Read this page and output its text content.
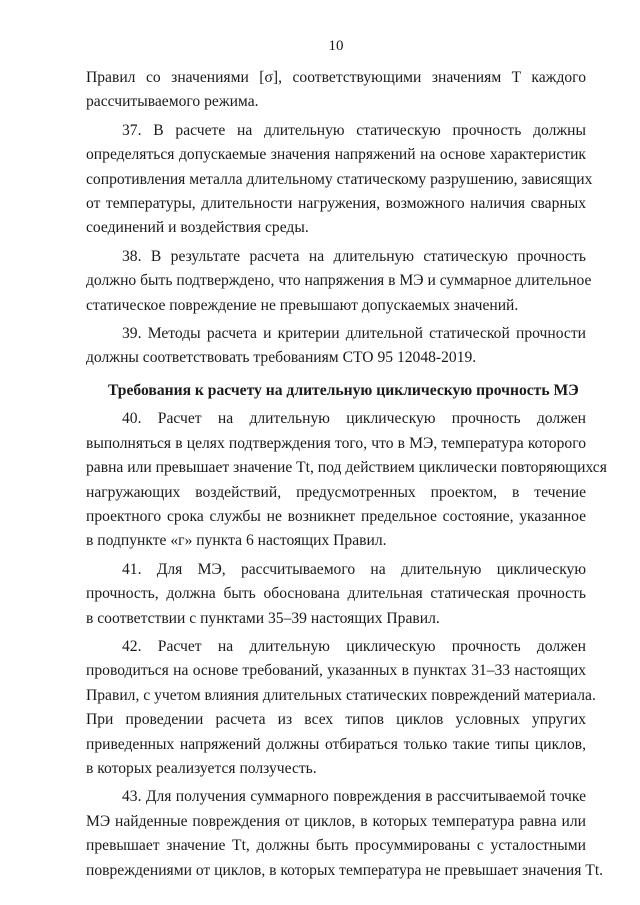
10
Правил со значениями [σ], соответствующими значениям T каждого
рассчитываемого режима.
37. В расчете на длительную статическую прочность должны
определяться допускаемые значения напряжений на основе характеристик
сопротивления металла длительному статическому разрушению, зависящих
от температуры, длительности нагружения, возможного наличия сварных
соединений и воздействия среды.
38. В результате расчета на длительную статическую прочность
должно быть подтверждено, что напряжения в МЭ и суммарное длительное
статическое повреждение не превышают допускаемых значений.
39. Методы расчета и критерии длительной статической прочности
должны соответствовать требованиям СТО 95 12048-2019.
Требования к расчету на длительную циклическую прочность МЭ
40. Расчет на длительную циклическую прочность должен
выполняться в целях подтверждения того, что в МЭ, температура которого
равна или превышает значение Tt, под действием циклически повторяющихся
нагружающих воздействий, предусмотренных проектом, в течение
проектного срока службы не возникнет предельное состояние, указанное
в подпункте «г» пункта 6 настоящих Правил.
41. Для МЭ, рассчитываемого на длительную циклическую
прочность, должна быть обоснована длительная статическая прочность
в соответствии с пунктами 35–39 настоящих Правил.
42. Расчет на длительную циклическую прочность должен
проводиться на основе требований, указанных в пунктах 31–33 настоящих
Правил, с учетом влияния длительных статических повреждений материала.
При проведении расчета из всех типов циклов условных упругих
приведенных напряжений должны отбираться только такие типы циклов,
в которых реализуется ползучесть.
43. Для получения суммарного повреждения в рассчитываемой точке
МЭ найденные повреждения от циклов, в которых температура равна или
превышает значение Tt, должны быть просуммированы с усталостными
повреждениями от циклов, в которых температура не превышает значения Tt.
